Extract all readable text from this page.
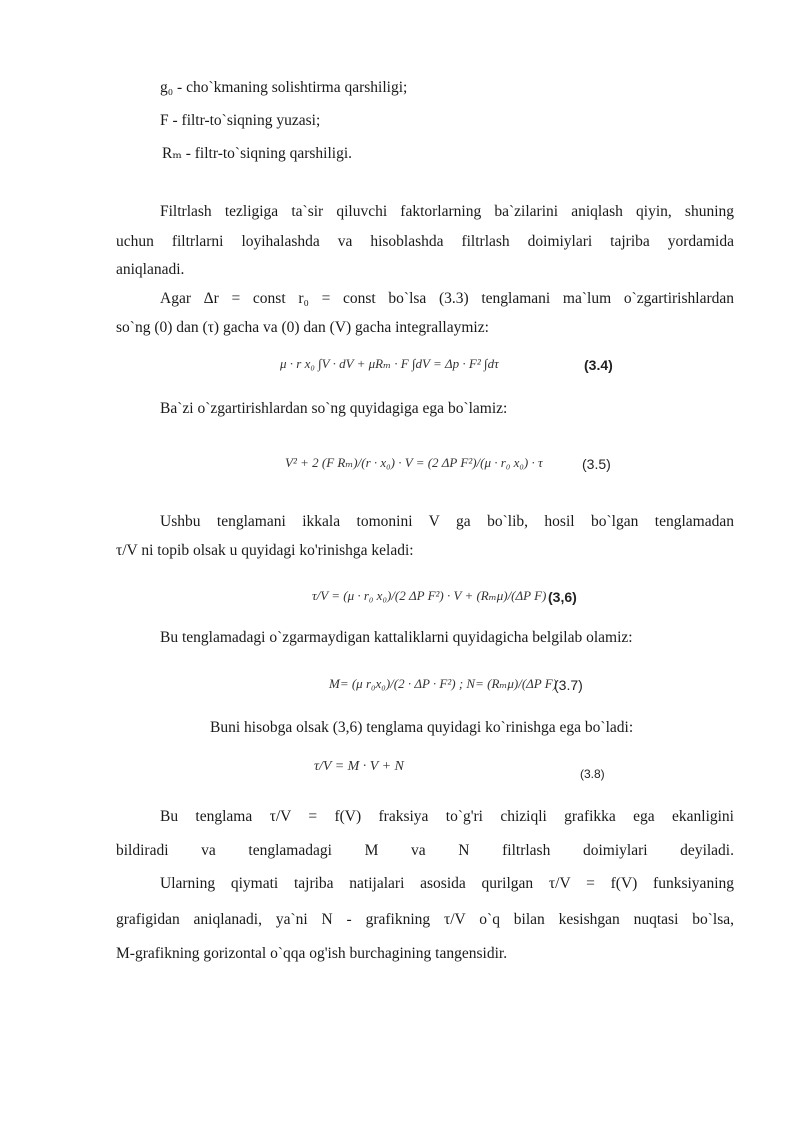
g₀ - cho`kmaning solishtirma qarshiligi;
F - filtr-to`siqning yuzasi;
Rₘ - filtr-to`siqning qarshiligi.
Filtrlash tezligiga ta`sir qiluvchi faktorlarning ba`zilarini aniqlash qiyin, shuning
uchun filtrlarni loyihalashda va hisoblashda filtrlash doimiylari tajriba yordamida
aniqlanadi.
Agar Δr = const r₀ = const bo`lsa (3.3) tenglamani ma`lum o`zgartirishlardan
so`ng (0) dan (τ) gacha va (0) dan (V) gacha integrallaymiz:
μ · r x₀ ∫V · dV + μRₘ · F ∫dV = Δp · F² ∫dτ	(3.4)
Ba`zi o`zgartirishlardan so`ng quyidagiga ega bo`lamiz:
V² + 2 (F Rₘ)/(r · x₀) · V = (2 ΔP F²)/(μ · r₀ x₀) · τ	(3.5)
Ushbu tenglamani ikkala tomonini V ga bo`lib, hosil bo`lgan tenglamadan
τ/V ni topib olsak u quyidagi ko'rinishga keladi:
τ/V = (μ · r₀ x₀)/(2 ΔP F²) · V + (Rₘμ)/(ΔP F) (3,6)
Bu tenglamadagi o`zgarmaydigan kattaliklarni quyidagicha belgilab olamiz:
M= (μ r₀x₀)/(2 · ΔP · F²) ; N= (Rₘμ)/(ΔP F)
(3.7)
Buni hisobga olsak (3,6) tenglama quyidagi ko`rinishga ega bo`ladi:
τ/V = M · V + N	(3.8)
Bu tenglama τ/V = f(V) fraksiya to`g'ri chiziqli grafikka ega ekanligini
bildiradi va tenglamadagi M va N filtrlash doimiylari deyiladi.
Ularning qiymati tajriba natijalari asosida qurilgan τ/V = f(V) funksiyaning
grafigidan aniqlanadi, ya`ni N - grafikning τ/V o`q bilan kesishgan nuqtasi bo`lsa,
M-grafikning gorizontal o`qqa og'ish burchagining tangensidir.
